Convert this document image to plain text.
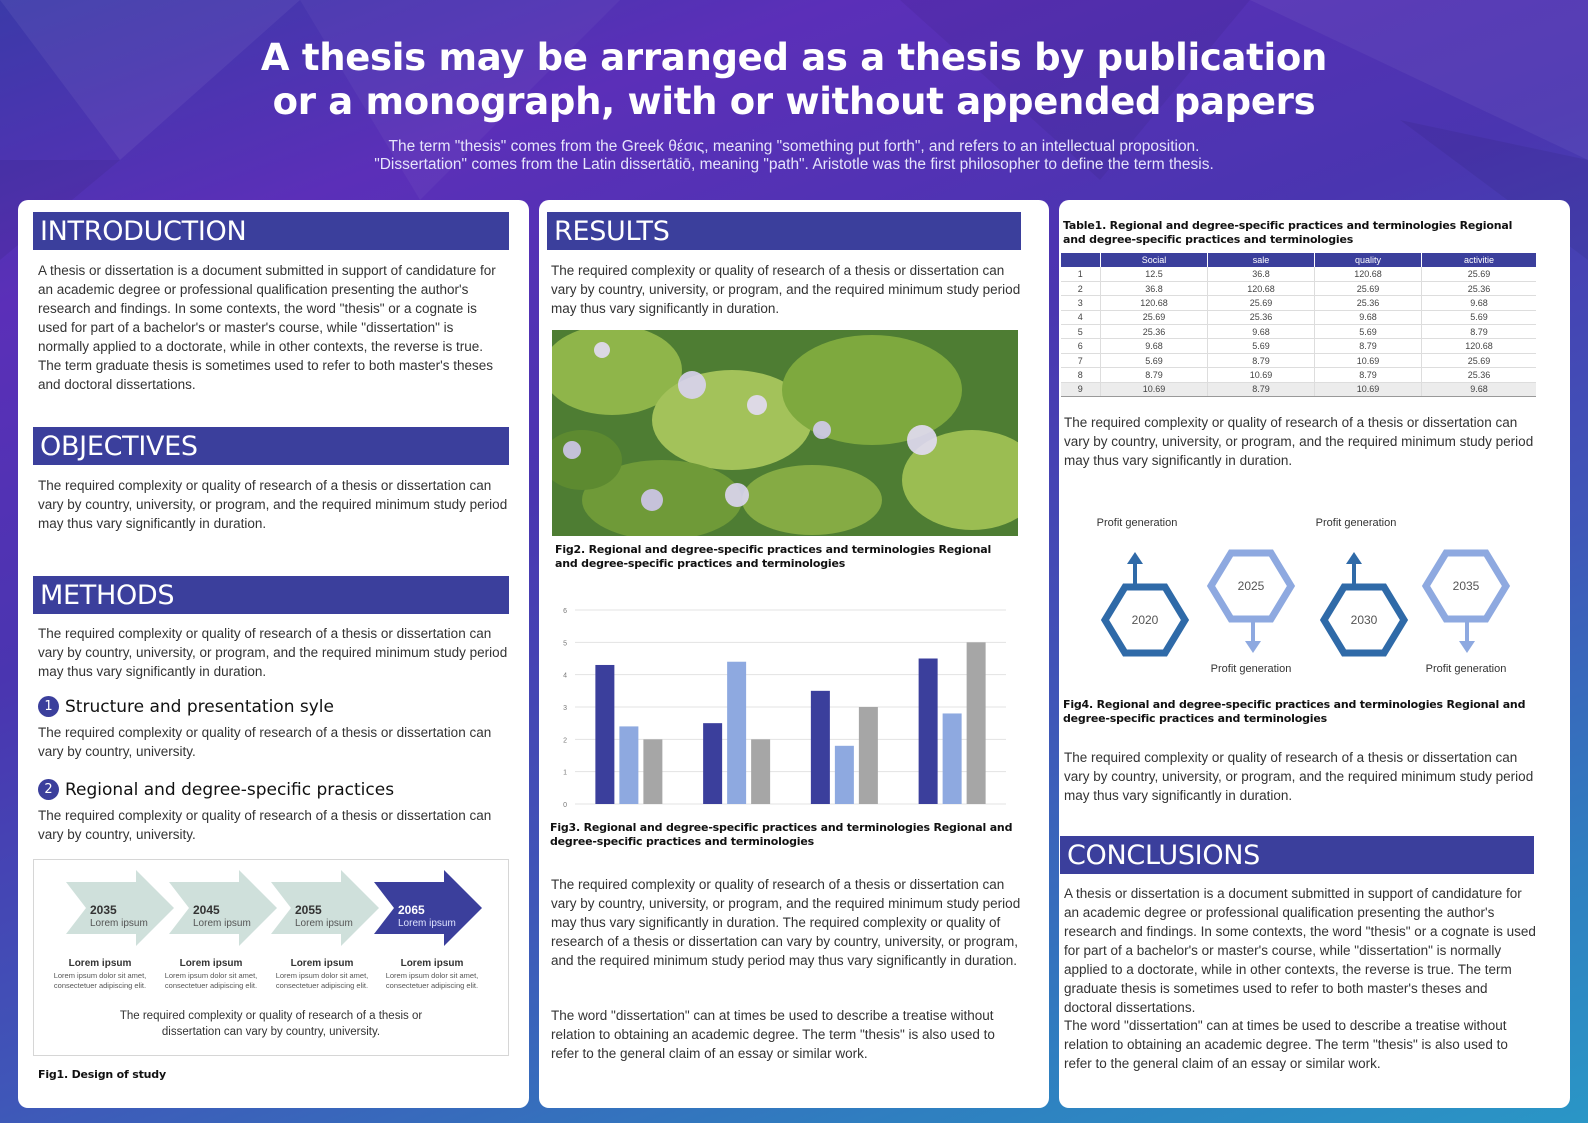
A thesis may be arranged as a thesis by publication or a monograph, with or without appended papers
The term "thesis" comes from the Greek θέσις, meaning "something put forth", and refers to an intellectual proposition.
"Dissertation" comes from the Latin dissertātiō, meaning "path". Aristotle was the first philosopher to define the term thesis.
INTRODUCTION
A thesis or dissertation is a document submitted in support of candidature for an academic degree or professional qualification presenting the author's research and findings. In some contexts, the word "thesis" or a cognate is used for part of a bachelor's or master's course, while "dissertation" is normally applied to a doctorate, while in other contexts, the reverse is true. The term graduate thesis is sometimes used to refer to both master's theses and doctoral dissertations.
OBJECTIVES
The required complexity or quality of research of a thesis or dissertation can vary by country, university, or program, and the required minimum study period may thus vary significantly in duration.
METHODS
The required complexity or quality of research of a thesis or dissertation can vary by country, university, or program, and the required minimum study period may thus vary significantly in duration.
1 Structure and presentation syle
The required complexity or quality of research of a thesis or dissertation can vary by country, university.
2 Regional and degree-specific practices
The required complexity or quality of research of a thesis or dissertation can vary by country, university.
2035
Lorem ipsum
2045
Lorem ipsum
2055
Lorem ipsum
2065
Lorem ipsum
Lorem ipsum
Lorem ipsum dolor sit amet,
consectetuer adipiscing elit.
Lorem ipsum
Lorem ipsum dolor sit amet,
consectetuer adipiscing elit.
Lorem ipsum
Lorem ipsum dolor sit amet,
consectetuer adipiscing elit.
Lorem ipsum
Lorem ipsum dolor sit amet,
consectetuer adipiscing elit.
The required complexity or quality of research of a thesis or
dissertation can vary by country, university.
Fig1. Design of study
RESULTS
The required complexity or quality of research of a thesis or dissertation can vary by country, university, or program, and the required minimum study period may thus vary significantly in duration.
Fig2. Regional and degree-specific practices and terminologies Regional and degree-specific practices and terminologies
0
1
2
3
4
5
6
Fig3. Regional and degree-specific practices and terminologies Regional and degree-specific practices and terminologies
The required complexity or quality of research of a thesis or dissertation can vary by country, university, or program, and the required minimum study period may thus vary significantly in duration. The required complexity or quality of research of a thesis or dissertation can vary by country, university, or program, and the required minimum study period may thus vary significantly in duration.
The word "dissertation" can at times be used to describe a treatise without relation to obtaining an academic degree. The term "thesis" is also used to refer to the general claim of an essay or similar work.
Table1. Regional and degree-specific practices and terminologies Regional and degree-specific practices and terminologies
	Social	sale	quality	activitie
1	12.5	36.8	120.68	25.69
2	36.8	120.68	25.69	25.36
3	120.68	25.69	25.36	9.68
4	25.69	25.36	9.68	5.69
5	25.36	9.68	5.69	8.79
6	9.68	5.69	8.79	120.68
7	5.69	8.79	10.69	25.69
8	8.79	10.69	8.79	25.36
9	10.69	8.79	10.69	9.68
The required complexity or quality of research of a thesis or dissertation can vary by country, university, or program, and the required minimum study period may thus vary significantly in duration.
Profit generation
2020
2025
Profit generation
Profit generation
2030
2035
Profit generation
Fig4. Regional and degree-specific practices and terminologies Regional and degree-specific practices and terminologies
The required complexity or quality of research of a thesis or dissertation can vary by country, university, or program, and the required minimum study period may thus vary significantly in duration.
CONCLUSIONS
A thesis or dissertation is a document submitted in support of candidature for an academic degree or professional qualification presenting the author's research and findings. In some contexts, the word "thesis" or a cognate is used for part of a bachelor's or master's course, while "dissertation" is normally applied to a doctorate, while in other contexts, the reverse is true. The term graduate thesis is sometimes used to refer to both master's theses and doctoral dissertations.
The word "dissertation" can at times be used to describe a treatise without relation to obtaining an academic degree. The term "thesis" is also used to refer to the general claim of an essay or similar work.
